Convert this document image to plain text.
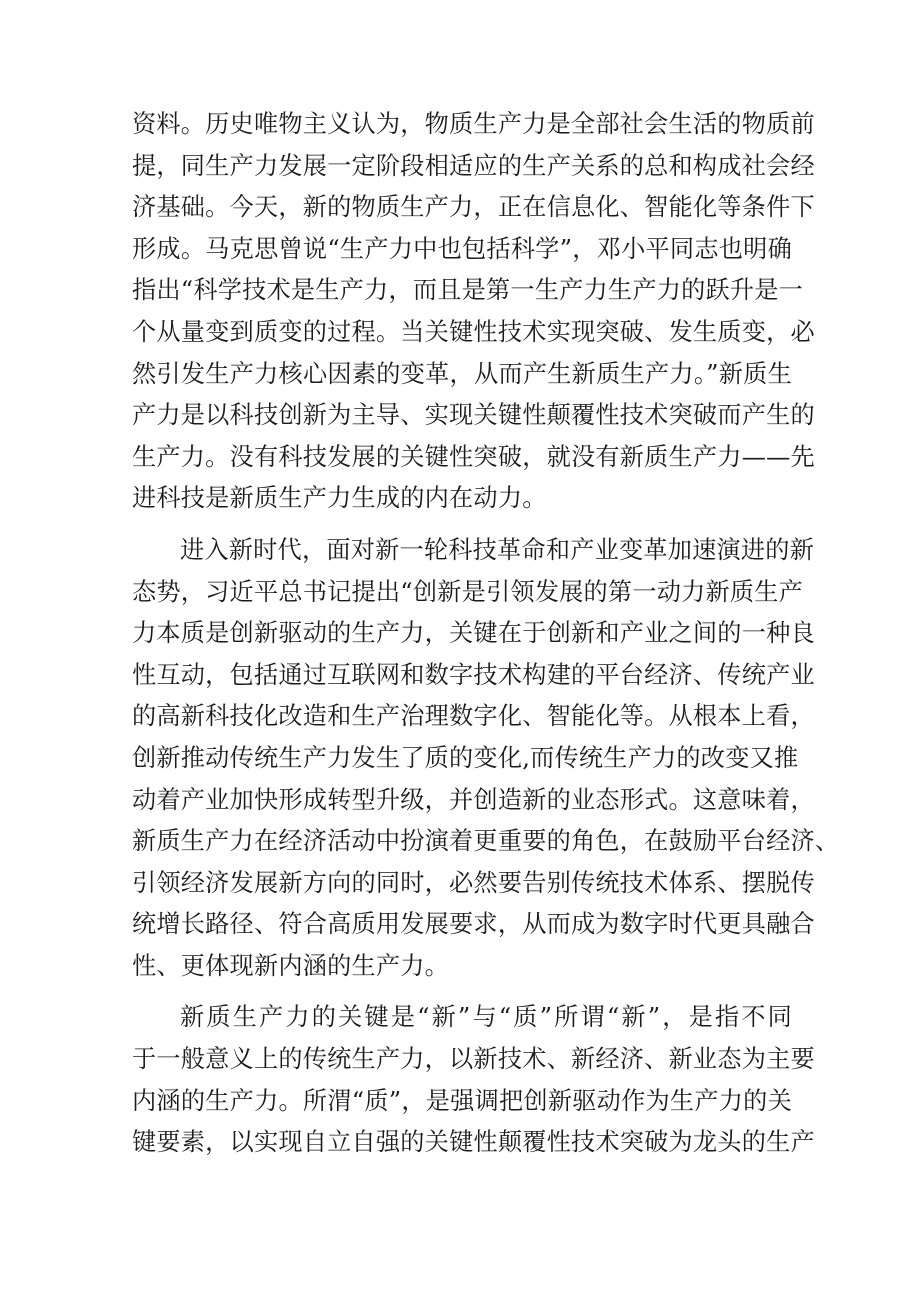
资料。历史唯物主义认为，物质生产力是全部社会生活的物质前
提，同生产力发展一定阶段相适应的生产关系的总和构成社会经
济基础。今天，新的物质生产力，正在信息化、智能化等条件下
形成。马克思曾说“生产力中也包括科学”，邓小平同志也明确
指出“科学技术是生产力，而且是第一生产力生产力的跃升是一
个从量变到质变的过程。当关键性技术实现突破、发生质变，必
然引发生产力核心因素的变革，从而产生新质生产力。”新质生
产力是以科技创新为主导、实现关键性颠覆性技术突破而产生的
生产力。没有科技发展的关键性突破，就没有新质生产力——先
进科技是新质生产力生成的内在动力。

进入新时代，面对新一轮科技革命和产业变革加速演进的新
态势，习近平总书记提出“创新是引领发展的第一动力新质生产
力本质是创新驱动的生产力，关键在于创新和产业之间的一种良
性互动，包括通过互联网和数字技术构建的平台经济、传统产业
的高新科技化改造和生产治理数字化、智能化等。从根本上看，
创新推动传统生产力发生了质的变化,而传统生产力的改变又推
动着产业加快形成转型升级，并创造新的业态形式。这意味着，
新质生产力在经济活动中扮演着更重要的角色，在鼓励平台经济、
引领经济发展新方向的同时，必然要告别传统技术体系、摆脱传
统增长路径、符合高质用发展要求，从而成为数字时代更具融合
性、更体现新内涵的生产力。

新质生产力的关键是“新”与“质”所谓“新”，是指不同
于一般意义上的传统生产力，以新技术、新经济、新业态为主要
内涵的生产力。所渭“质”，是强调把创新驱动作为生产力的关
键要素，以实现自立自强的关键性颠覆性技术突破为龙头的生产
